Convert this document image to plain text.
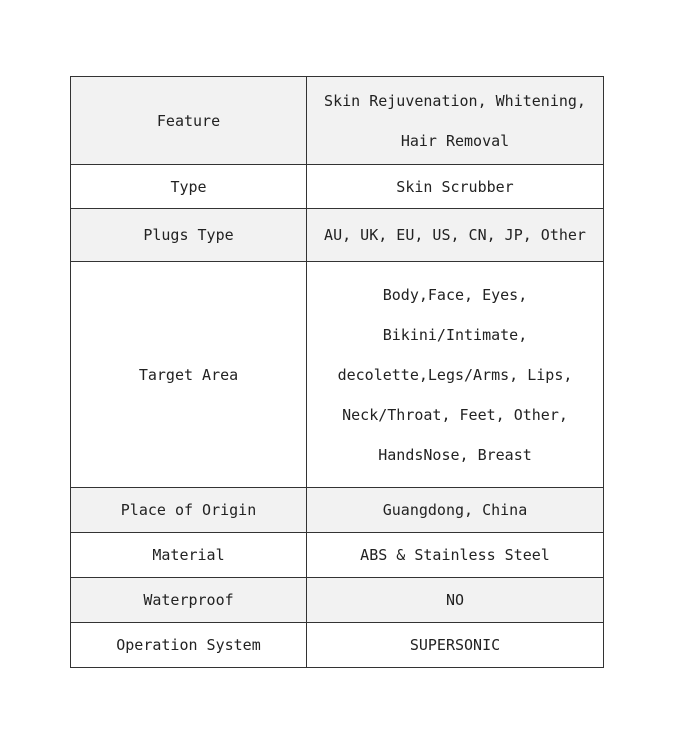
Feature	Skin Rejuvenation, Whitening,
Hair Removal

Type	Skin Scrubber
Plugs Type	AU, UK, EU, US, CN, JP, Other
Target Area	Body,Face, Eyes,
Bikini/Intimate,
decolette,Legs/Arms, Lips,
Neck/Throat, Feet, Other,
HandsNose, Breast

Place of Origin	Guangdong, China
Material	ABS & Stainless Steel
Waterproof	NO
Operation System	SUPERSONIC
